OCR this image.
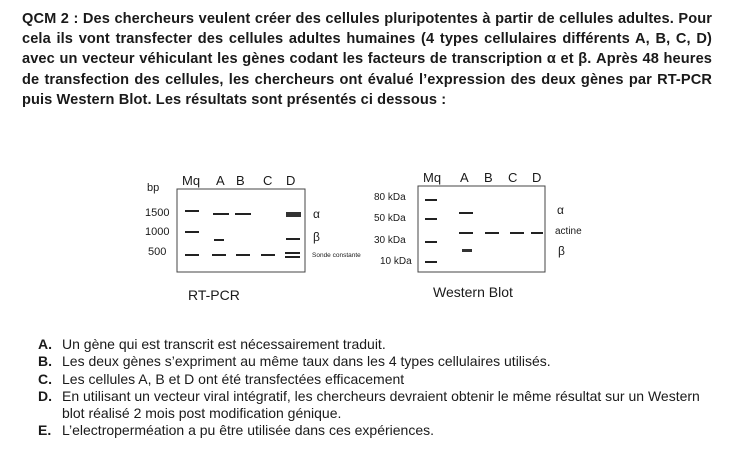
QCM 2 : Des chercheurs veulent créer des cellules pluripotentes à partir de cellules adultes. Pour cela ils vont transfecter des cellules adultes humaines (4 types cellulaires différents A, B, C, D) avec un vecteur véhiculant les gènes codant les facteurs de transcription α et β. Après 48 heures de transfection des cellules, les chercheurs ont évalué l’expression des deux gènes par RT-PCR puis Western Blot. Les résultats sont présentés ci dessous :
bp Mq A B C D
1500
1000
500
α
β
Sonde constante
RT-PCR
Mq A B C D
80 kDa
50 kDa
30 kDa
10 kDa
α
actine
β
Western Blot
A. Un gène qui est transcrit est nécessairement traduit.
B. Les deux gènes s’expriment au même taux dans les 4 types cellulaires utilisés.
C. Les cellules A, B et D ont été transfectées efficacement
D. En utilisant un vecteur viral intégratif, les chercheurs devraient obtenir le même résultat sur un Western blot réalisé 2 mois post modification génique.
E. L’electroperméation a pu être utilisée dans ces expériences.
